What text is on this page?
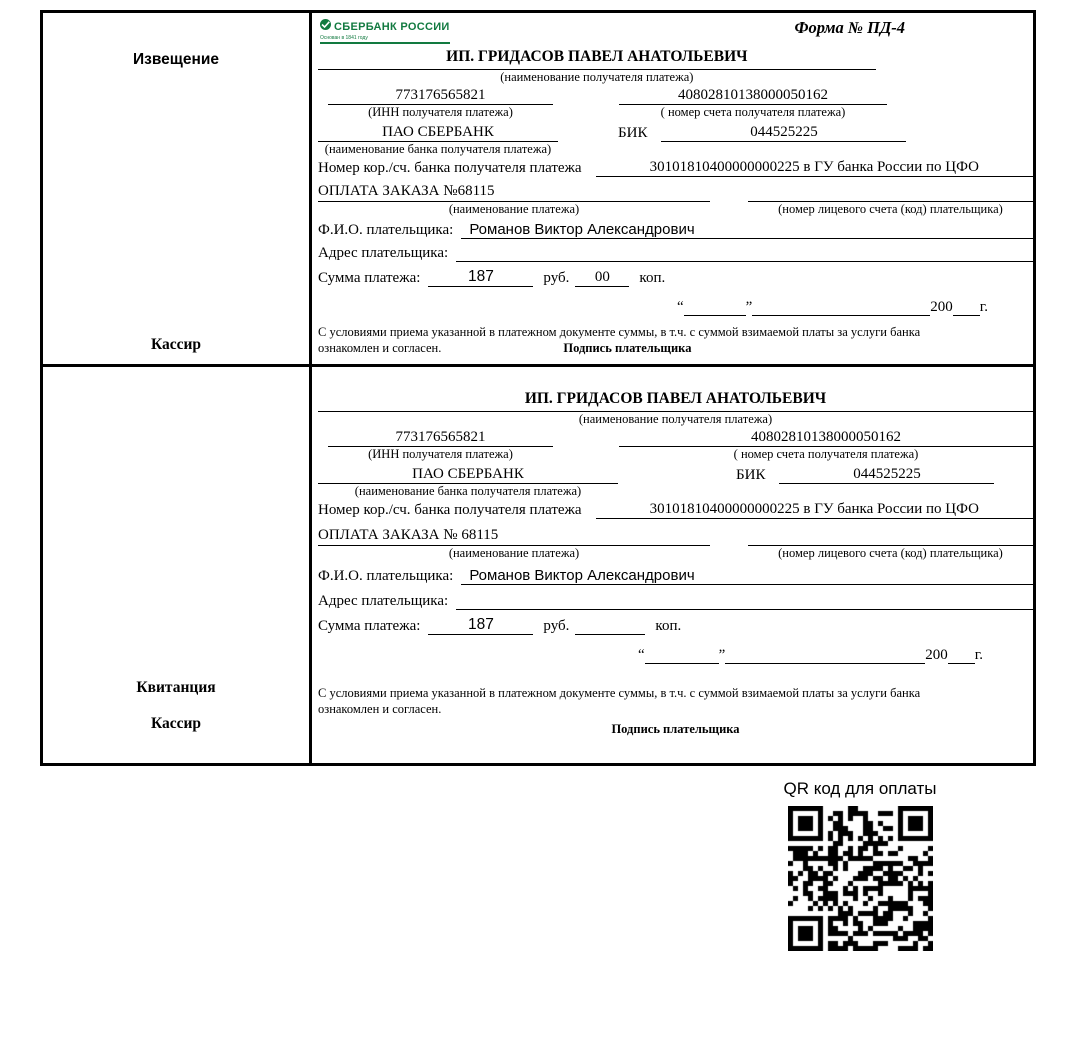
Извещение
Кассир
СБЕРБАНК РОССИИ
Основан в 1841 году
Форма № ПД-4
ИП. ГРИДАСОВ ПАВЕЛ АНАТОЛЬЕВИЧ
(наименование получателя платежа)
773176565821	40802810138000050162
(ИНН получателя платежа)	( номер счета получателя платежа)
ПАО СБЕРБАНК	БИК	044525225
(наименование банка получателя платежа)
Номер кор./сч. банка получателя платежа	30101810400000000225 в ГУ банка России по ЦФО
ОПЛАТА ЗАКАЗА №68115
(наименование платежа)	(номер лицевого счета (код) плательщика)
Ф.И.О. плательщика:	Романов Виктор Александрович
Адрес плательщика:
Сумма платежа:	187	руб.	00	коп.
“	”	200 г.
С условиями приема указанной в платежном документе суммы, в т.ч. с суммой взимаемой платы за услуги банка
ознакомлен и согласен.	Подпись плательщика
Квитанция
Кассир
ИП. ГРИДАСОВ ПАВЕЛ АНАТОЛЬЕВИЧ
(наименование получателя платежа)
773176565821	40802810138000050162
(ИНН получателя платежа)	( номер счета получателя платежа)
ПАО СБЕРБАНК	БИК	044525225
(наименование банка получателя платежа)
Номер кор./сч. банка получателя платежа	30101810400000000225 в ГУ банка России по ЦФО
ОПЛАТА ЗАКАЗА № 68115
(наименование платежа)	(номер лицевого счета (код) плательщика)
Ф.И.О. плательщика:	Романов Виктор Александрович
Адрес плательщика:
Сумма платежа:	187	руб.	коп.
“	”	200 г.
С условиями приема указанной в платежном документе суммы, в т.ч. с суммой взимаемой платы за услуги банка
ознакомлен и согласен.
Подпись плательщика
QR код для оплаты
